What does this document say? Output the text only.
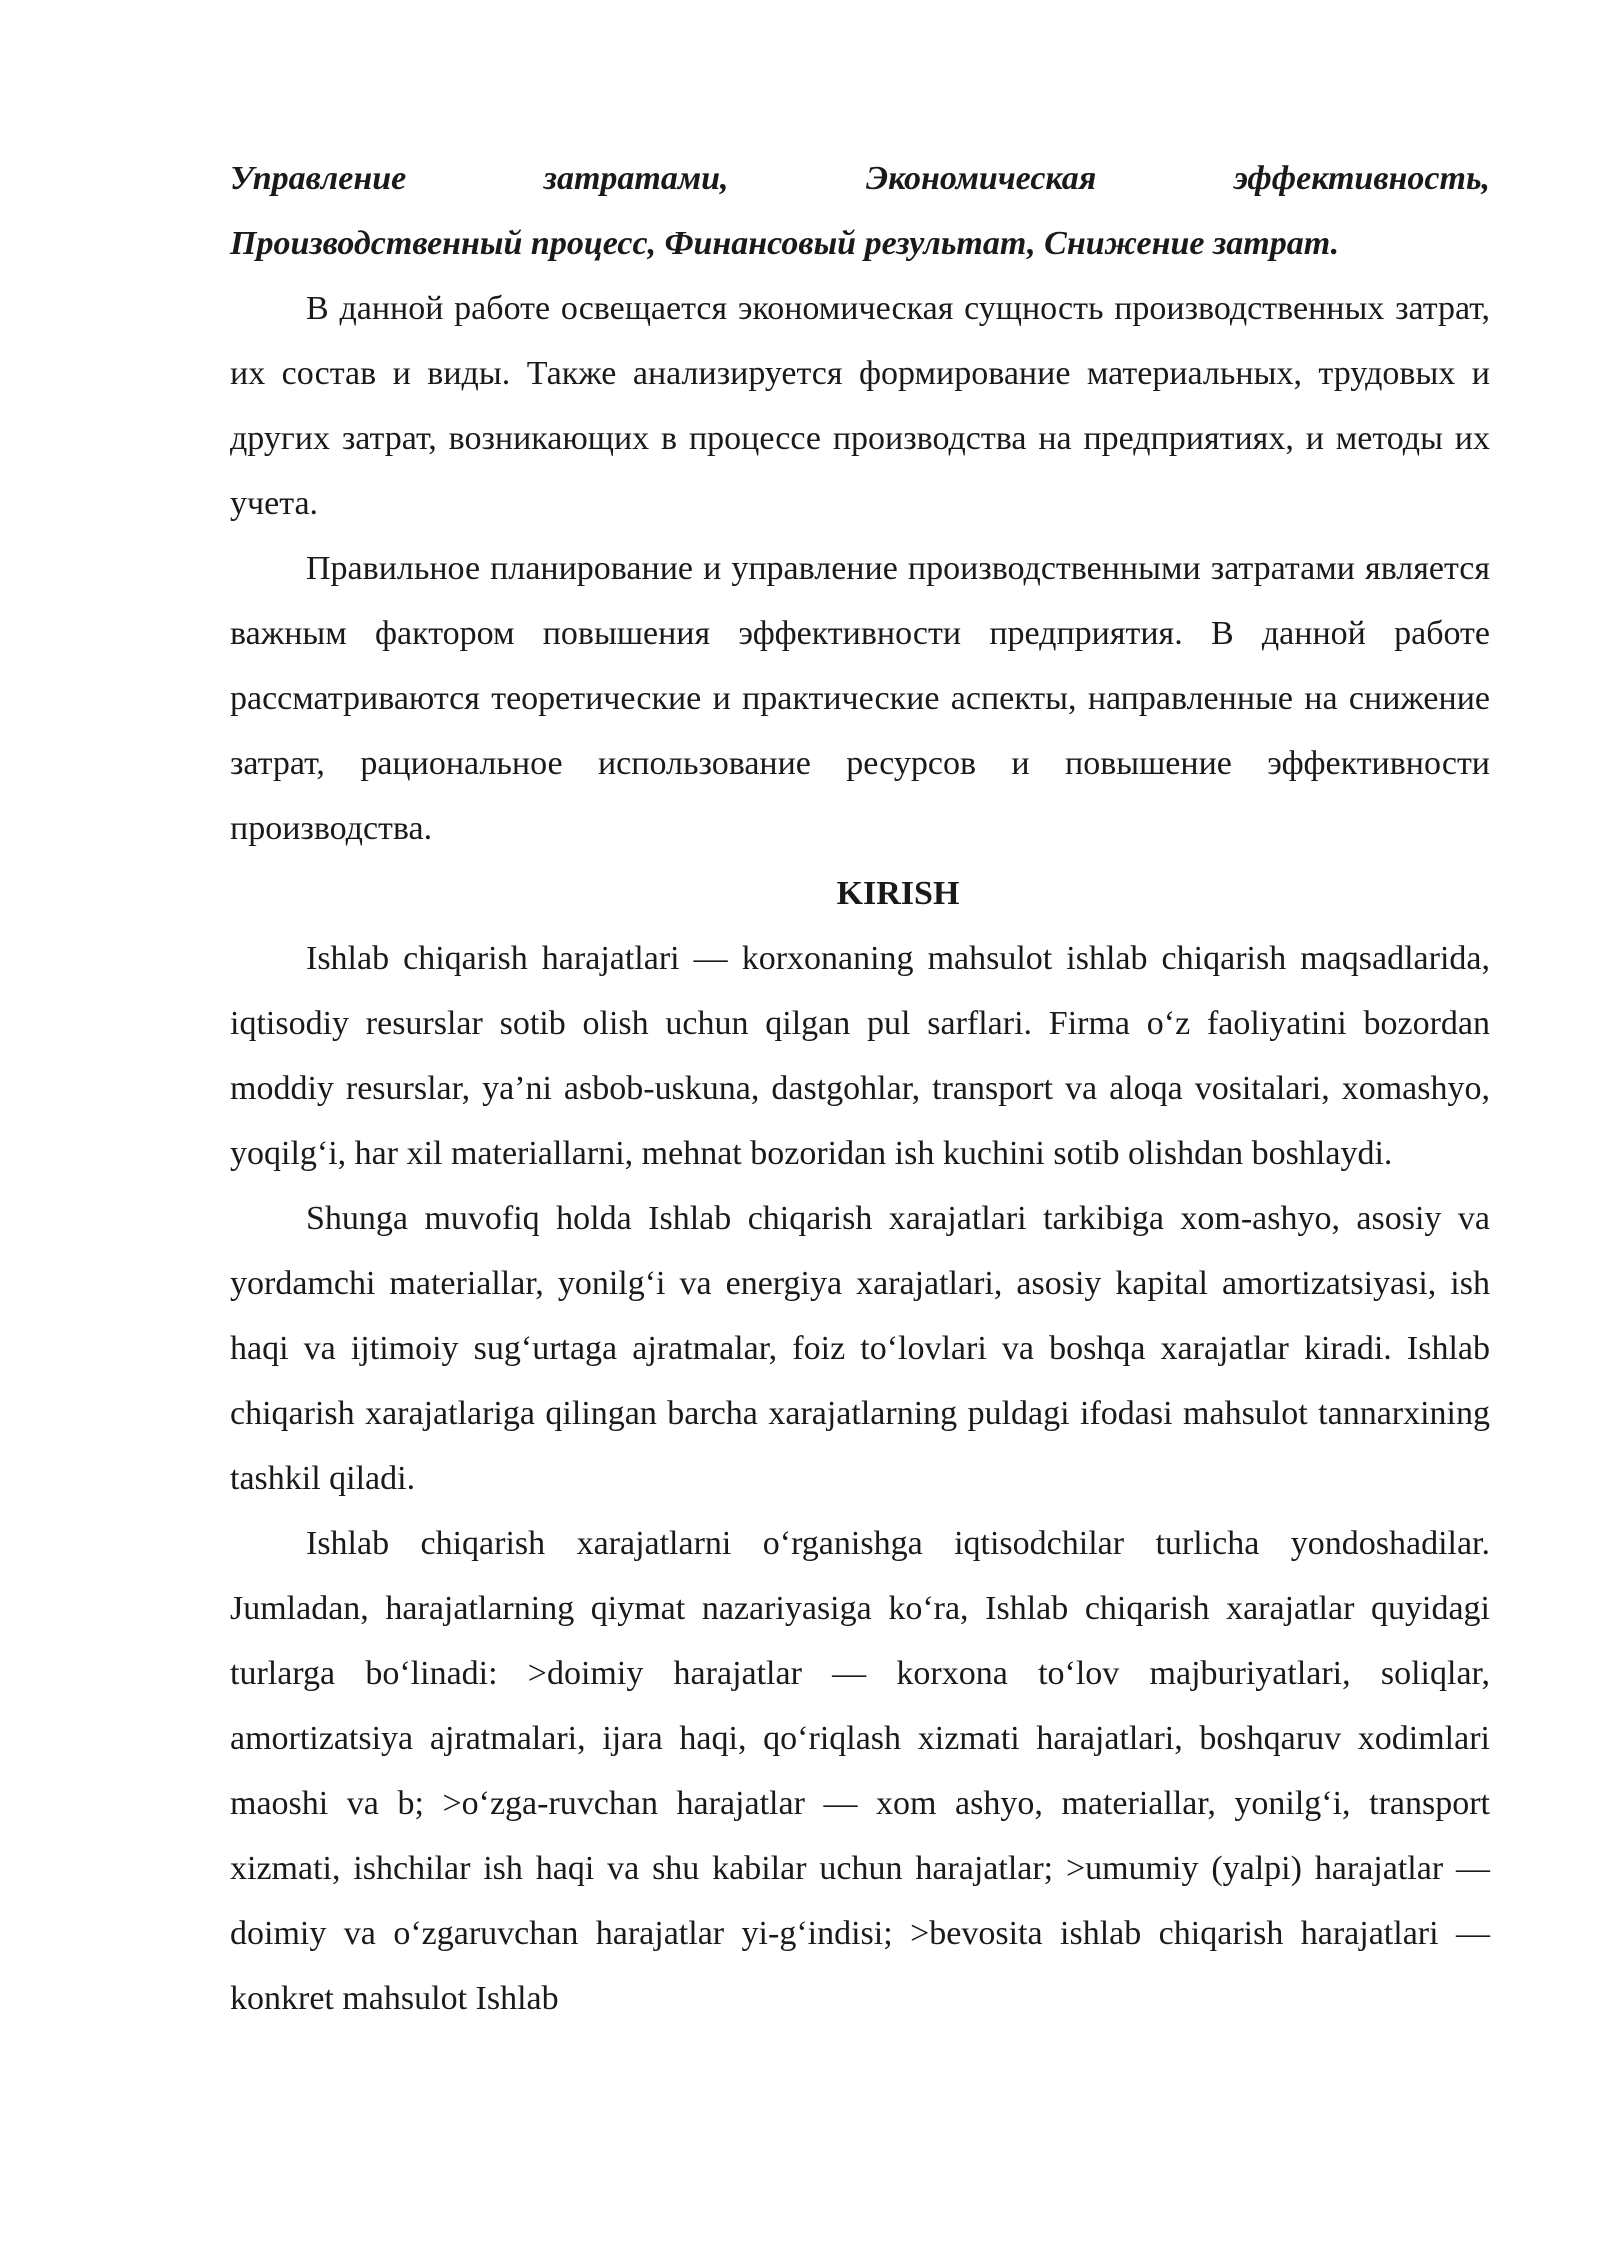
Управление затратами, Экономическая эффективность,
Производственный процесс, Финансовый результат, Снижение затрат.

В данной работе освещается экономическая сущность производственных затрат, их состав и виды. Также анализируется формирование материальных, трудовых и других затрат, возникающих в процессе производства на предприятиях, и методы их учета.

Правильное планирование и управление производственными затратами является важным фактором повышения эффективности предприятия. В данной работе рассматриваются теоретические и практические аспекты, направленные на снижение затрат, рациональное использование ресурсов и повышение эффективности производства.

KIRISH

Ishlab chiqarish harajatlari — korxonaning mahsulot ishlab chiqarish maqsadlarida, iqtisodiy resurslar sotib olish uchun qilgan pul sarflari. Firma o‘z faoliyatini bozordan moddiy resurslar, ya’ni asbob-uskuna, dastgohlar, transport va aloqa vositalari, xomashyo, yoqilg‘i, har xil materiallarni, mehnat bozoridan ish kuchini sotib olishdan boshlaydi.

Shunga muvofiq holda Ishlab chiqarish xarajatlari tarkibiga xom-ashyo, asosiy va yordamchi materiallar, yonilg‘i va energiya xarajatlari, asosiy kapital amortizatsiyasi, ish haqi va ijtimoiy sug‘urtaga ajratmalar, foiz to‘lovlari va boshqa xarajatlar kiradi. Ishlab chiqarish xarajatlariga qilingan barcha xarajatlarning puldagi ifodasi mahsulot tannarxining tashkil qiladi.

Ishlab chiqarish xarajatlarni o‘rganishga iqtisodchilar turlicha yondoshadilar. Jumladan, harajatlarning qiymat nazariyasiga ko‘ra, Ishlab chiqarish xarajatlar quyidagi turlarga bo‘linadi: >doimiy harajatlar — korxona to‘lov majburiyatlari, soliqlar, amortizatsiya ajratmalari, ijara haqi, qo‘riqlash xizmati harajatlari, boshqaruv xodimlari maoshi va b; >o‘zga-ruvchan harajatlar — xom ashyo, materiallar, yonilg‘i, transport xizmati, ishchilar ish haqi va shu kabilar uchun harajatlar; >umumiy (yalpi) harajatlar — doimiy va o‘zgaruvchan harajatlar yi-g‘indisi; >bevosita ishlab chiqarish harajatlari — konkret mahsulot Ishlab
